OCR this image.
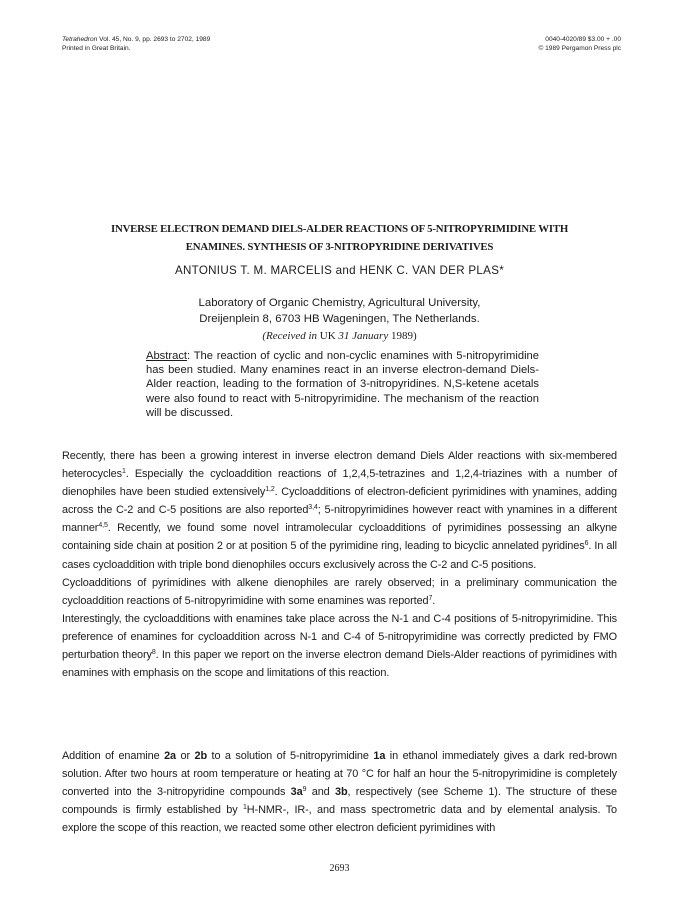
Tetrahedron Vol. 45, No. 9, pp. 2693 to 2702, 1989
Printed in Great Britain.
0040-4020/89 $3.00 + .00
© 1989 Pergamon Press plc
INVERSE ELECTRON DEMAND DIELS-ALDER REACTIONS OF 5-NITROPYRIMIDINE WITH
ENAMINES. SYNTHESIS OF 3-NITROPYRIDINE DERIVATIVES
ANTONIUS T. M. MARCELIS and HENK C. VAN DER PLAS*
Laboratory of Organic Chemistry, Agricultural University,
Dreijenplein 8, 6703 HB Wageningen, The Netherlands.
(Received in UK 31 January 1989)
Abstract: The reaction of cyclic and non-cyclic enamines with 5-nitropyrimidine has been studied. Many enamines react in an inverse electron-demand Diels-Alder reaction, leading to the formation of 3-nitropyridines. N,S-ketene acetals were also found to react with 5-nitropyrimidine. The mechanism of the reaction will be discussed.

Recently, there has been a growing interest in inverse electron demand Diels Alder reactions with six-membered heterocycles$^1$. Especially the cycloaddition reactions of 1,2,4,5-tetrazines and 1,2,4-triazines with a number of dienophiles have been studied extensively$^{1,2}$. Cycloadditions of electron-deficient pyrimidines with ynamines, adding across the C-2 and C-5 positions are also reported$^{3,4}$; 5-nitropyrimidines however react with ynamines in a different manner$^{4,5}$. Recently, we found some novel intramolecular cycloadditions of pyrimidines possessing an alkyne containing side chain at position 2 or at position 5 of the pyrimidine ring, leading to bicyclic annelated pyridines$^6$. In all cases cycloaddition with triple bond dienophiles occurs exclusively across the C-2 and C-5 positions.

Cycloadditions of pyrimidines with alkene dienophiles are rarely observed; in a preliminary communication the cycloaddition reactions of 5-nitropyrimidine with some enamines was reported$^7$.

Interestingly, the cycloadditions with enamines take place across the N-1 and C-4 positions of 5-nitropyrimidine. This preference of enamines for cycloaddition across N-1 and C-4 of 5-nitropyrimidine was correctly predicted by FMO perturbation theory$^8$. In this paper we report on the inverse electron demand Diels-Alder reactions of pyrimidines with enamines with emphasis on the scope and limitations of this reaction.

Addition of enamine 2a or 2b to a solution of 5-nitropyrimidine 1a in ethanol immediately gives a dark red-brown solution. After two hours at room temperature or heating at 70 °C for half an hour the 5-nitropyrimidine is completely converted into the 3-nitropyridine compounds $3a^9$ and 3b, respectively (see Scheme 1). The structure of these compounds is firmly established by $^1$H-NMR-, IR-, and mass spectrometric data and by elemental analysis. To explore the scope of this reaction, we reacted some other electron deficient pyrimidines with

2693
